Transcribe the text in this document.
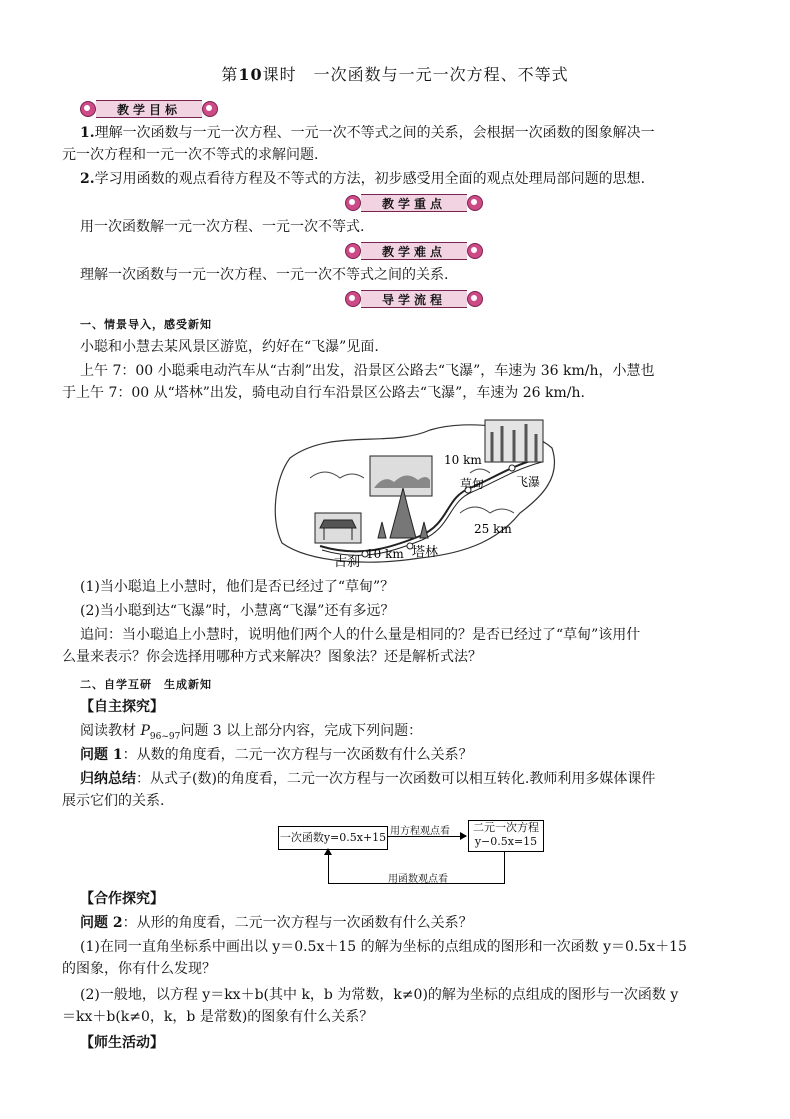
第10课时　一次函数与一元一次方程、不等式
教学目标
1.理解一次函数与一元一次方程、一元一次不等式之间的关系，会根据一次函数的图象解决一
元一次方程和一元一次不等式的求解问题.
2.学习用函数的观点看待方程及不等式的方法，初步感受用全面的观点处理局部问题的思想.
教学重点
用一次函数解一元一次方程、一元一次不等式.
教学难点
理解一次函数与一元一次方程、一元一次不等式之间的关系.
导学流程
一、情景导入，感受新知
小聪和小慧去某风景区游览，约好在“飞瀑”见面.
上午 7：00 小聪乘电动汽车从“古刹”出发，沿景区公路去“飞瀑”，车速为 36 km/h，小慧也
于上午 7：00 从“塔林”出发，骑电动自行车沿景区公路去“飞瀑”，车速为 26 km/h.
10 km
25 km
10 km
草甸	飞瀑
古刹
塔林
(1)当小聪追上小慧时，他们是否已经过了“草甸”？
(2)当小聪到达“飞瀑”时，小慧离“飞瀑”还有多远？
追问：当小聪追上小慧时，说明他们两个人的什么量是相同的？是否已经过了“草甸”该用什
么量来表示？你会选择用哪种方式来解决？图象法？还是解析式法？
二、自学互研　生成新知
【自主探究】
阅读教材 $P_{96\sim 97}$问题 3 以上部分内容，完成下列问题：
问题 1：从数的角度看，二元一次方程与一次函数有什么关系？
归纳总结：从式子(数)的角度看，二元一次方程与一次函数可以相互转化.教师利用多媒体课件
展示它们的关系.
一次函数y=0.5x+15
二元一次方程
y−0.5x=15
用方程观点看
用函数观点看
【合作探究】
问题 2：从形的角度看，二元一次方程与一次函数有什么关系？
(1)在同一直角坐标系中画出以 y＝0.5x＋15 的解为坐标的点组成的图形和一次函数 y＝0.5x＋15
的图象，你有什么发现？
(2)一般地，以方程 y＝kx＋b(其中 k，b 为常数，k≠0)的解为坐标的点组成的图形与一次函数 y
＝kx＋b(k≠0，k，b 是常数)的图象有什么关系？
【师生活动】
